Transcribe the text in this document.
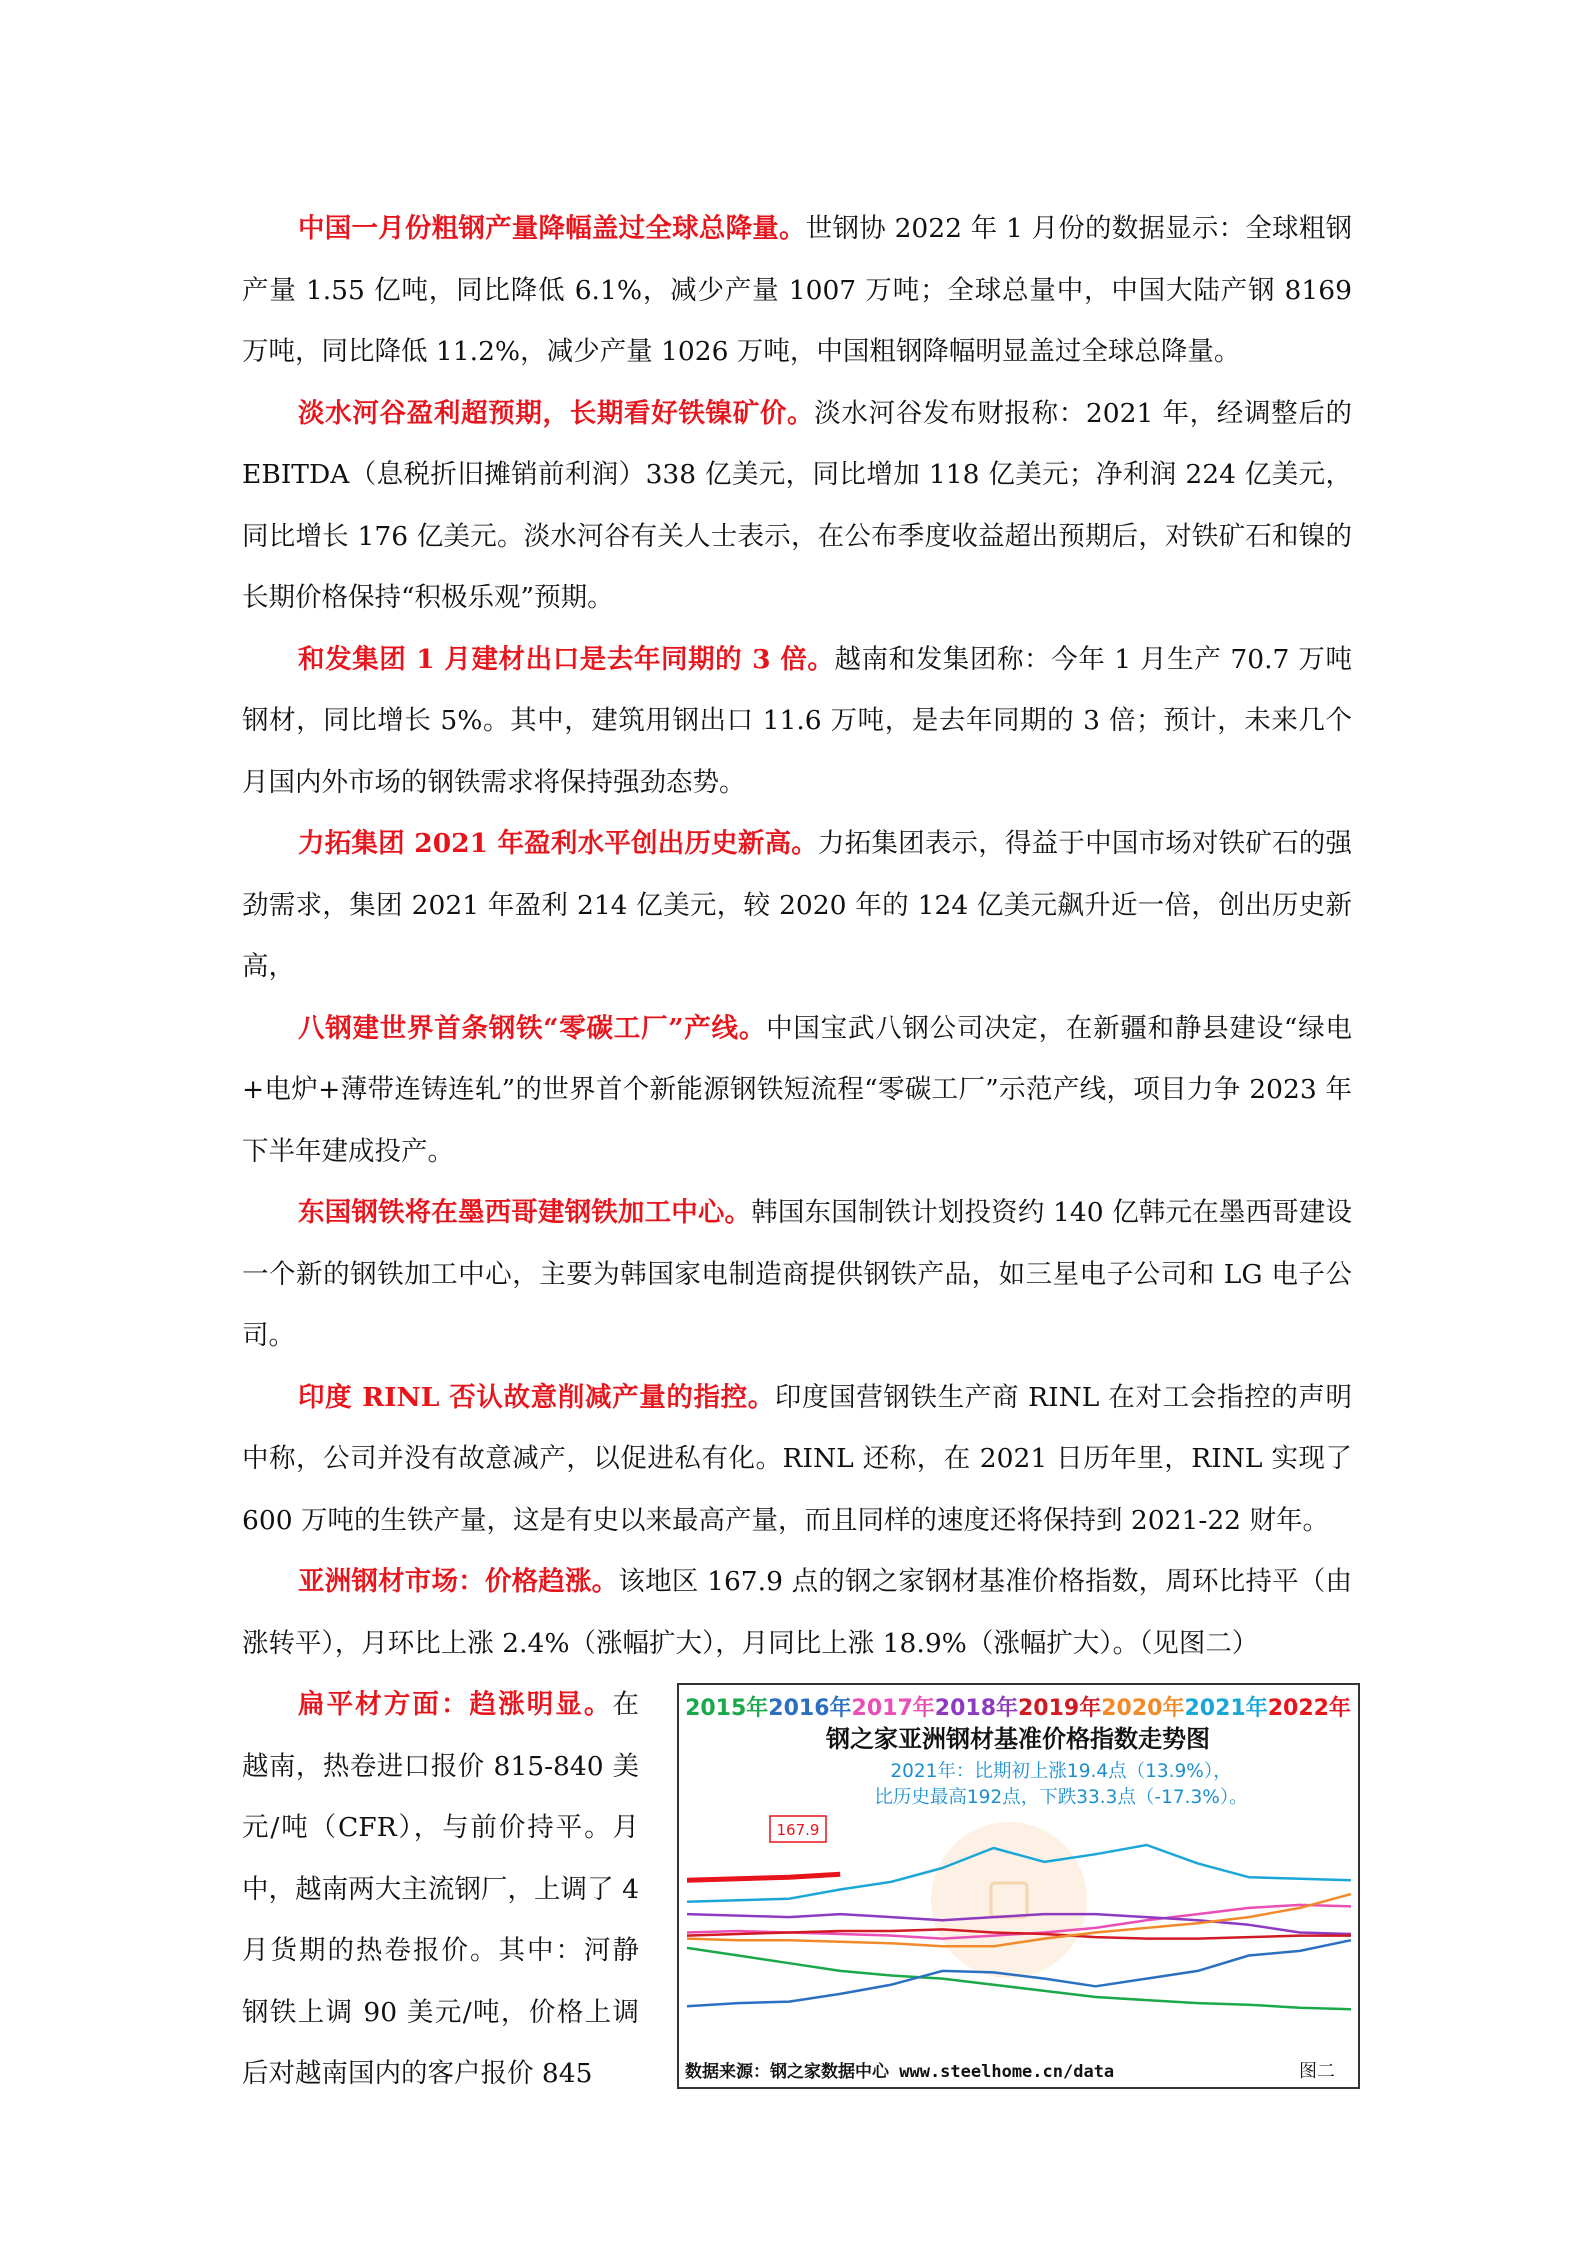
中国一月份粗钢产量降幅盖过全球总降量。世钢协 2022 年 1 月份的数据显示：全球粗钢产量 1.55 亿吨，同比降低 6.1%，减少产量 1007 万吨；全球总量中，中国大陆产钢 8169 万吨，同比降低 11.2%，减少产量 1026 万吨，中国粗钢降幅明显盖过全球总降量。

淡水河谷盈利超预期，长期看好铁镍矿价。淡水河谷发布财报称：2021 年，经调整后的 EBITDA（息税折旧摊销前利润）338 亿美元，同比增加 118 亿美元；净利润 224 亿美元，同比增长 176 亿美元。淡水河谷有关人士表示，在公布季度收益超出预期后，对铁矿石和镍的长期价格保持“积极乐观”预期。

和发集团 1 月建材出口是去年同期的 3 倍。越南和发集团称：今年 1 月生产 70.7 万吨钢材，同比增长 5%。其中，建筑用钢出口 11.6 万吨，是去年同期的 3 倍；预计，未来几个月国内外市场的钢铁需求将保持强劲态势。

力拓集团 2021 年盈利水平创出历史新高。力拓集团表示，得益于中国市场对铁矿石的强劲需求，集团 2021 年盈利 214 亿美元，较 2020 年的 124 亿美元飙升近一倍，创出历史新高，

八钢建世界首条钢铁“零碳工厂”产线。中国宝武八钢公司决定，在新疆和静县建设“绿电+电炉+薄带连铸连轧”的世界首个新能源钢铁短流程“零碳工厂”示范产线，项目力争 2023 年下半年建成投产。

东国钢铁将在墨西哥建钢铁加工中心。韩国东国制铁计划投资约 140 亿韩元在墨西哥建设一个新的钢铁加工中心，主要为韩国家电制造商提供钢铁产品，如三星电子公司和 LG 电子公司。

印度 RINL 否认故意削减产量的指控。印度国营钢铁生产商 RINL 在对工会指控的声明中称，公司并没有故意减产，以促进私有化。RINL 还称，在 2021 日历年里，RINL 实现了 600 万吨的生铁产量，这是有史以来最高产量，而且同样的速度还将保持到 2021-22 财年。

亚洲钢材市场：价格趋涨。该地区 167.9 点的钢之家钢材基准价格指数，周环比持平（由涨转平），月环比上涨 2.4%（涨幅扩大），月同比上涨 18.9%（涨幅扩大）。（见图二）

2015年2016年2017年2018年2019年2020年2021年2022年
钢之家亚洲钢材基准价格指数走势图
2021年：比期初上涨19.4点（13.9%），
比历史最高192点，下跌33.3点（-17.3%）。
167.9
数据来源：钢之家数据中心 www.steelhome.cn/data	图二

扁平材方面：趋涨明显。在越南，热卷进口报价 815-840 美元/吨（CFR），与前价持平。月中，越南两大主流钢厂，上调了 4 月货期的热卷报价。其中：河静钢铁上调 90 美元/吨，价格上调后对越南国内的客户报价 845
